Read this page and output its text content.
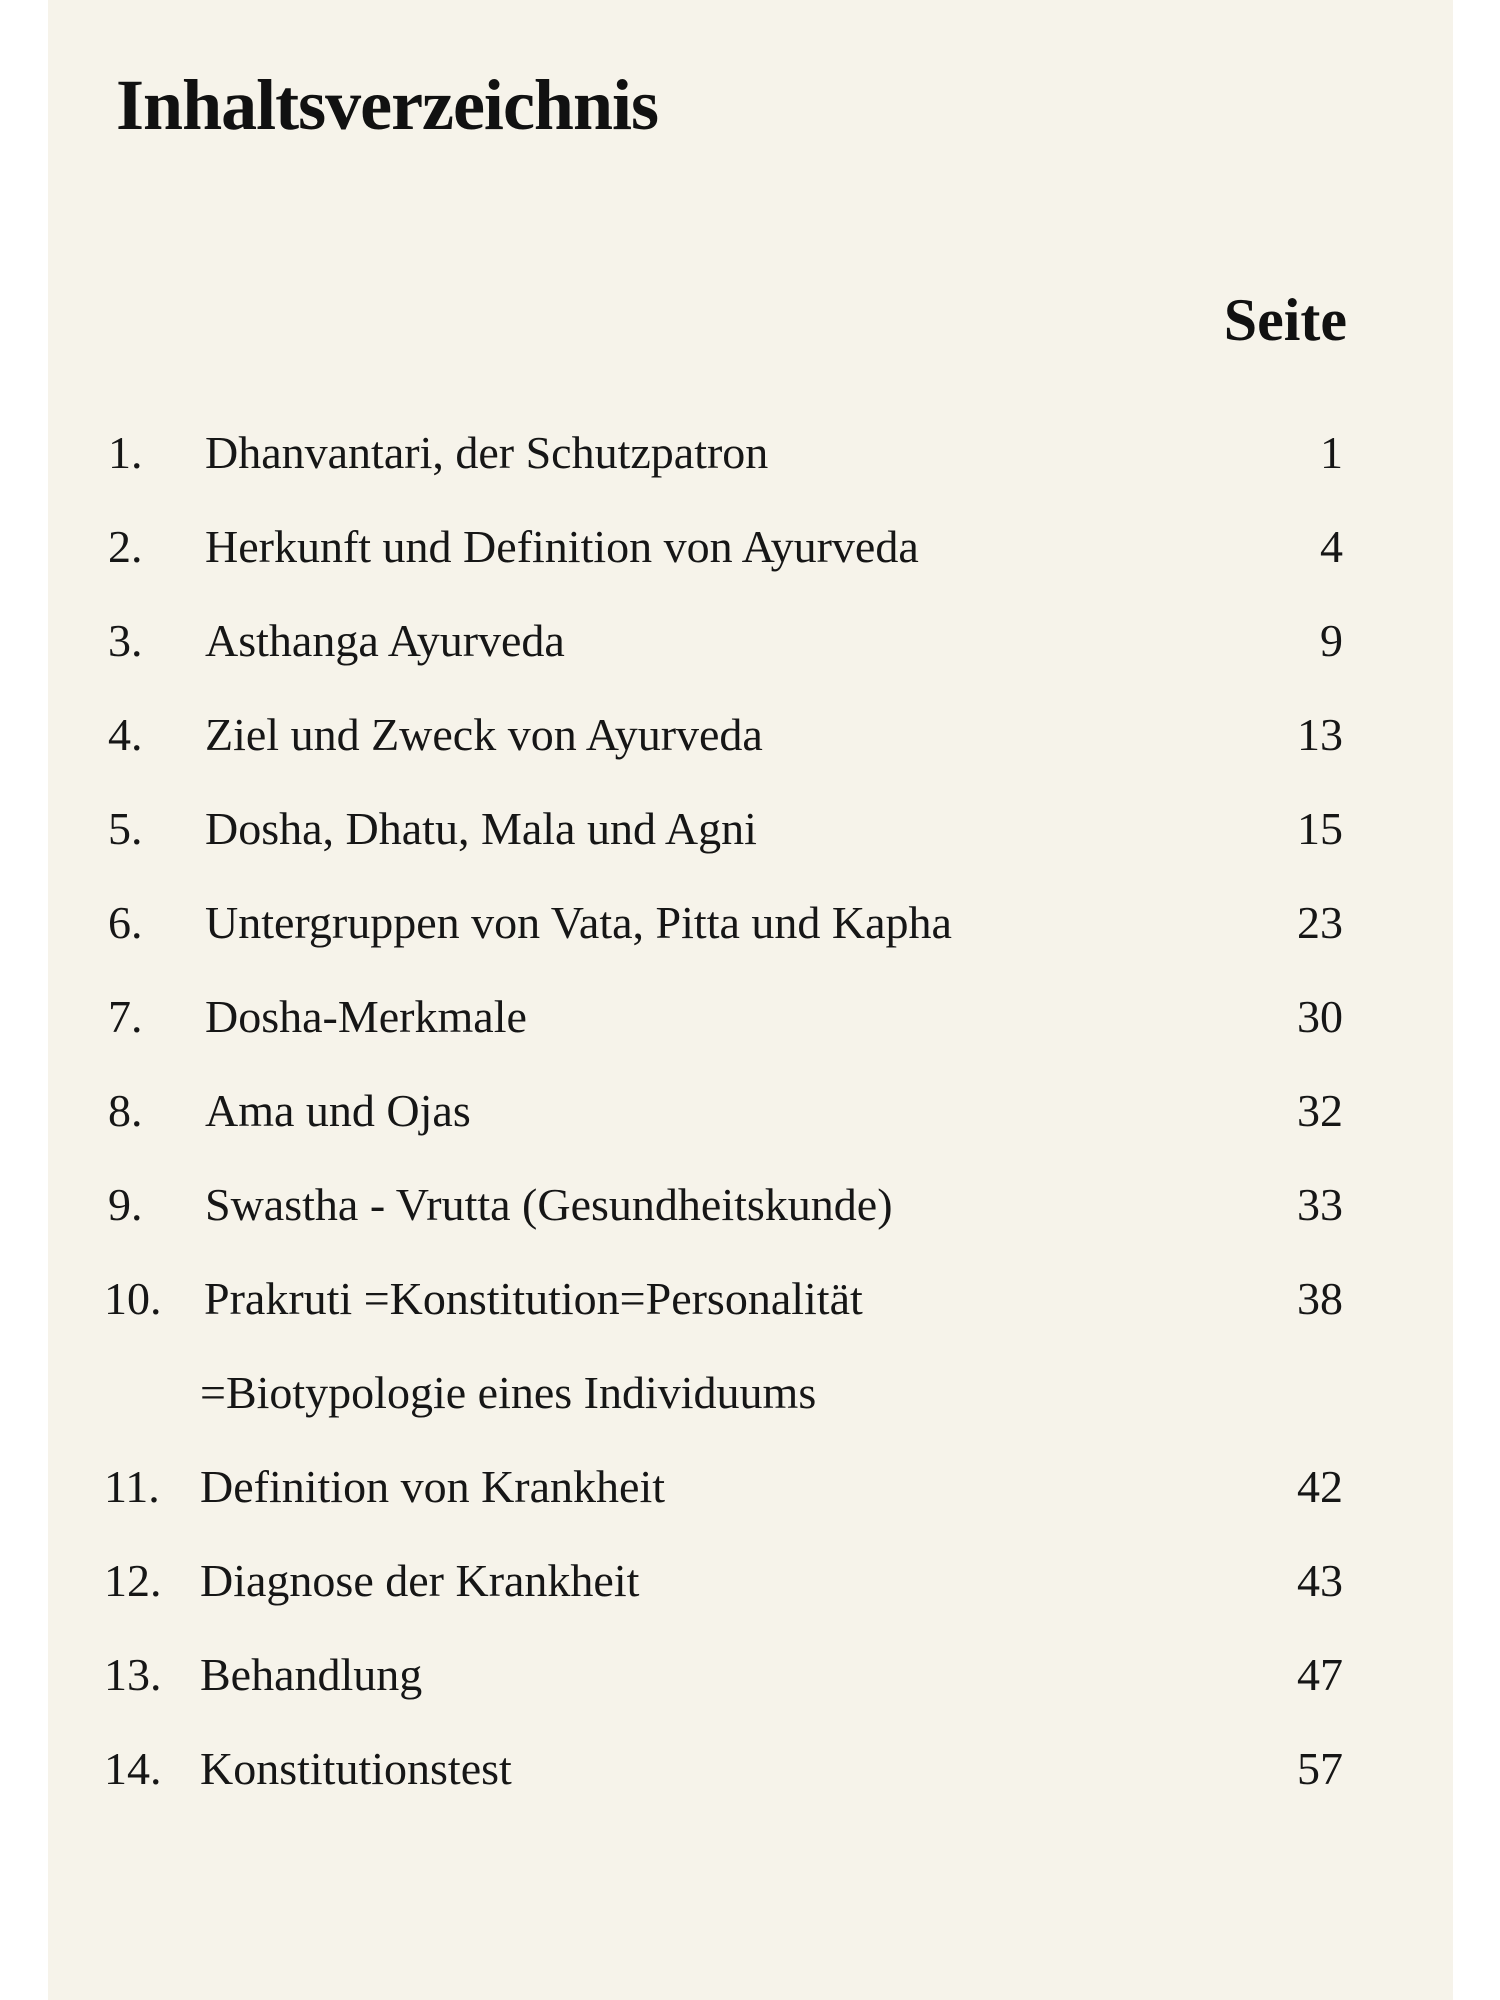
Inhaltsverzeichnis
Seite
1. Dhanvantari, der Schutzpatron	1
2. Herkunft und Definition von Ayurveda	4
3. Asthanga Ayurveda	9
4. Ziel und Zweck von Ayurveda	13
5. Dosha, Dhatu, Mala und Agni	15
6. Untergruppen von Vata, Pitta und Kapha	23
7. Dosha-Merkmale	30
8. Ama und Ojas	32
9. Swastha - Vrutta (Gesundheitskunde)	33
10. Prakruti =Konstitution=Personalität	38
=Biotypologie eines Individuums
11. Definition von Krankheit	42
12. Diagnose der Krankheit	43
13. Behandlung	47
14. Konstitutionstest	57
